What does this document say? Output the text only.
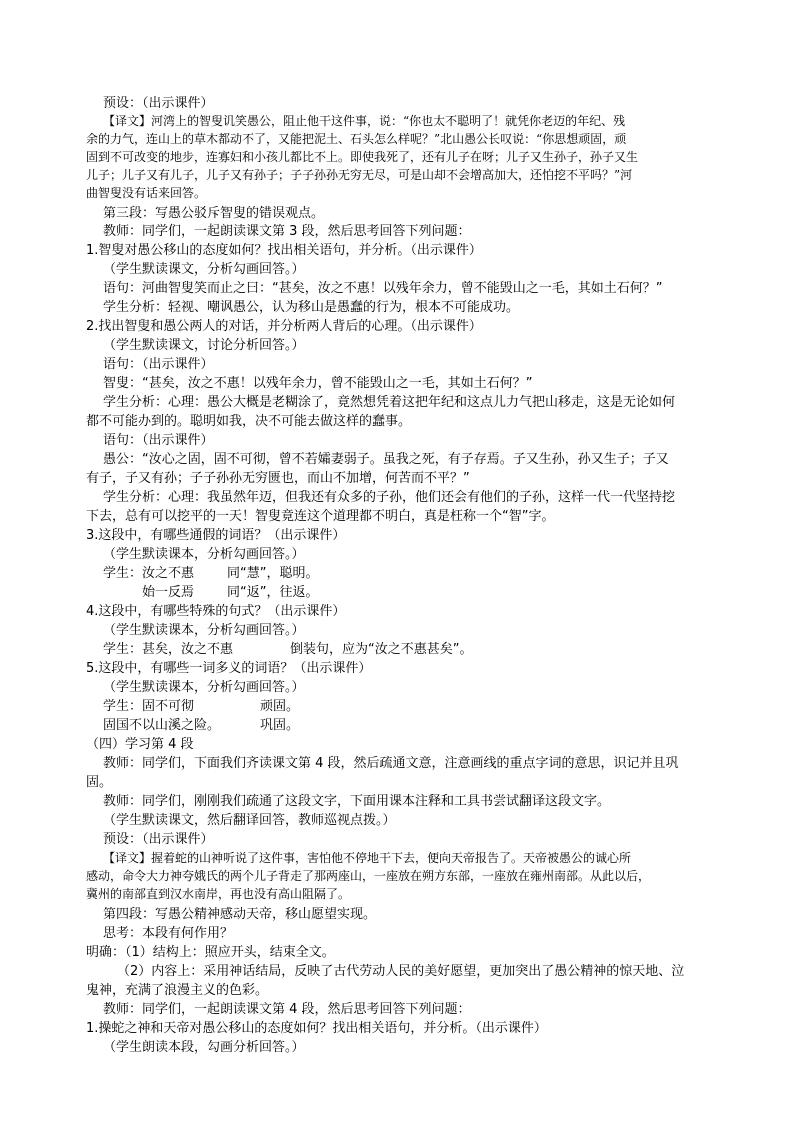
预设：（出示课件）
【译文】河湾上的智叟讥笑愚公，阻止他干这件事，说：“你也太不聪明了！就凭你老迈的年纪、残
余的力气，连山上的草木都动不了，又能把泥土、石头怎么样呢？”北山愚公长叹说：“你思想顽固，顽
固到不可改变的地步，连寡妇和小孩儿都比不上。即使我死了，还有儿子在呀；儿子又生孙子，孙子又生
儿子；儿子又有儿子，儿子又有孙子；子子孙孙无穷无尽，可是山却不会增高加大，还怕挖不平吗？”河
曲智叟没有话来回答。
第三段：写愚公驳斥智叟的错误观点。
教师：同学们，一起朗读课文第 3 段，然后思考回答下列问题：
1.智叟对愚公移山的态度如何？找出相关语句，并分析。（出示课件）
（学生默读课文，分析勾画回答。）
语句：河曲智叟笑而止之曰：“甚矣，汝之不惠！以残年余力，曾不能毁山之一毛，其如土石何？”
学生分析：轻视、嘲讽愚公，认为移山是愚蠢的行为，根本不可能成功。
2.找出智叟和愚公两人的对话，并分析两人背后的心理。（出示课件）
（学生默读课文，讨论分析回答。）
语句：（出示课件）
智叟：“甚矣，汝之不惠！以残年余力，曾不能毁山之一毛，其如土石何？”
学生分析：心理：愚公大概是老糊涂了，竟然想凭着这把年纪和这点儿力气把山移走，这是无论如何
都不可能办到的。聪明如我，决不可能去做这样的蠢事。
语句：（出示课件）
愚公：“汝心之固，固不可彻，曾不若孀妻弱子。虽我之死，有子存焉。子又生孙，孙又生子；子又
有子，子又有孙；子子孙孙无穷匮也，而山不加增，何苦而不平？”
学生分析：心理：我虽然年迈，但我还有众多的子孙，他们还会有他们的子孙，这样一代一代坚持挖
下去，总有可以挖平的一天！智叟竟连这个道理都不明白，真是枉称一个“智”字。
3.这段中，有哪些通假的词语？（出示课件）
（学生默读课本，分析勾画回答。）
学生：汝之不惠	同“慧”，聪明。
始一反焉	同“返”，往返。
4.这段中，有哪些特殊的句式？（出示课件）
（学生默读课本，分析勾画回答。）
学生：甚矣，汝之不惠	倒装句，应为“汝之不惠甚矣”。
5.这段中，有哪些一词多义的词语？（出示课件）
（学生默读课本，分析勾画回答。）
学生：固不可彻	顽固。
固国不以山溪之险。	巩固。
（四）学习第 4 段
教师：同学们，下面我们齐读课文第 4 段，然后疏通文意，注意画线的重点字词的意思，识记并且巩
固。
教师：同学们，刚刚我们疏通了这段文字，下面用课本注释和工具书尝试翻译这段文字。
（学生默读课文，然后翻译回答，教师巡视点拨。）
预设：（出示课件）
【译文】握着蛇的山神听说了这件事，害怕他不停地干下去，便向天帝报告了。天帝被愚公的诚心所
感动，命令大力神夸娥氏的两个儿子背走了那两座山，一座放在朔方东部，一座放在雍州南部。从此以后，
冀州的南部直到汉水南岸，再也没有高山阻隔了。
第四段：写愚公精神感动天帝，移山愿望实现。
思考：本段有何作用？
明确：（1）结构上：照应开头，结束全文。
（2）内容上：采用神话结局，反映了古代劳动人民的美好愿望，更加突出了愚公精神的惊天地、泣
鬼神，充满了浪漫主义的色彩。
教师：同学们，一起朗读课文第 4 段，然后思考回答下列问题：
1.操蛇之神和天帝对愚公移山的态度如何？找出相关语句，并分析。（出示课件）
（学生朗读本段，勾画分析回答。）
